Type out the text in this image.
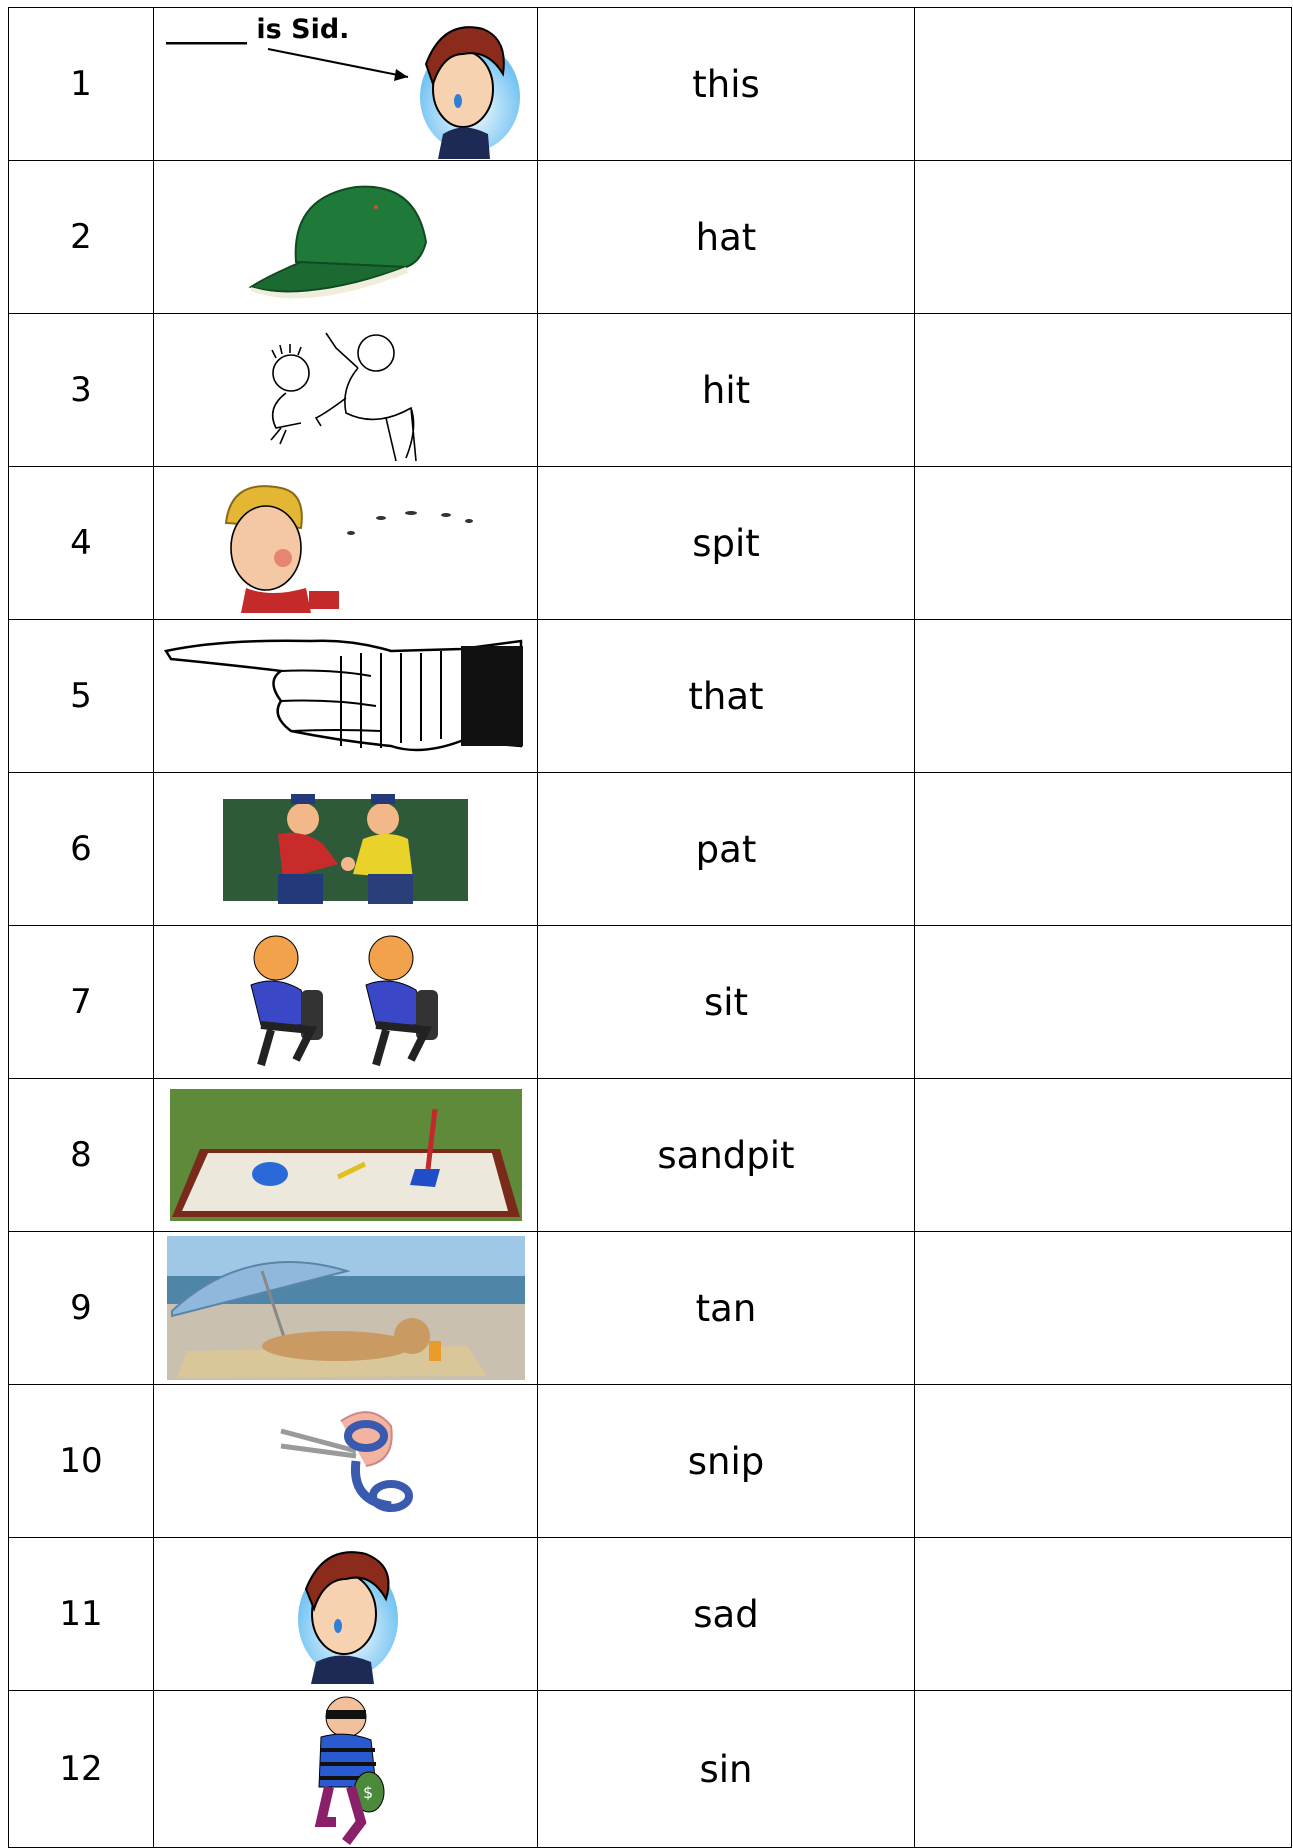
1	______ is Sid.	this	
2		hat	
3		hit	
4		spit	
5		that	
6		pat	
7		sit	
8		sandpit	
9		tan	
10		snip	
11		sad	
12	$	sin	
